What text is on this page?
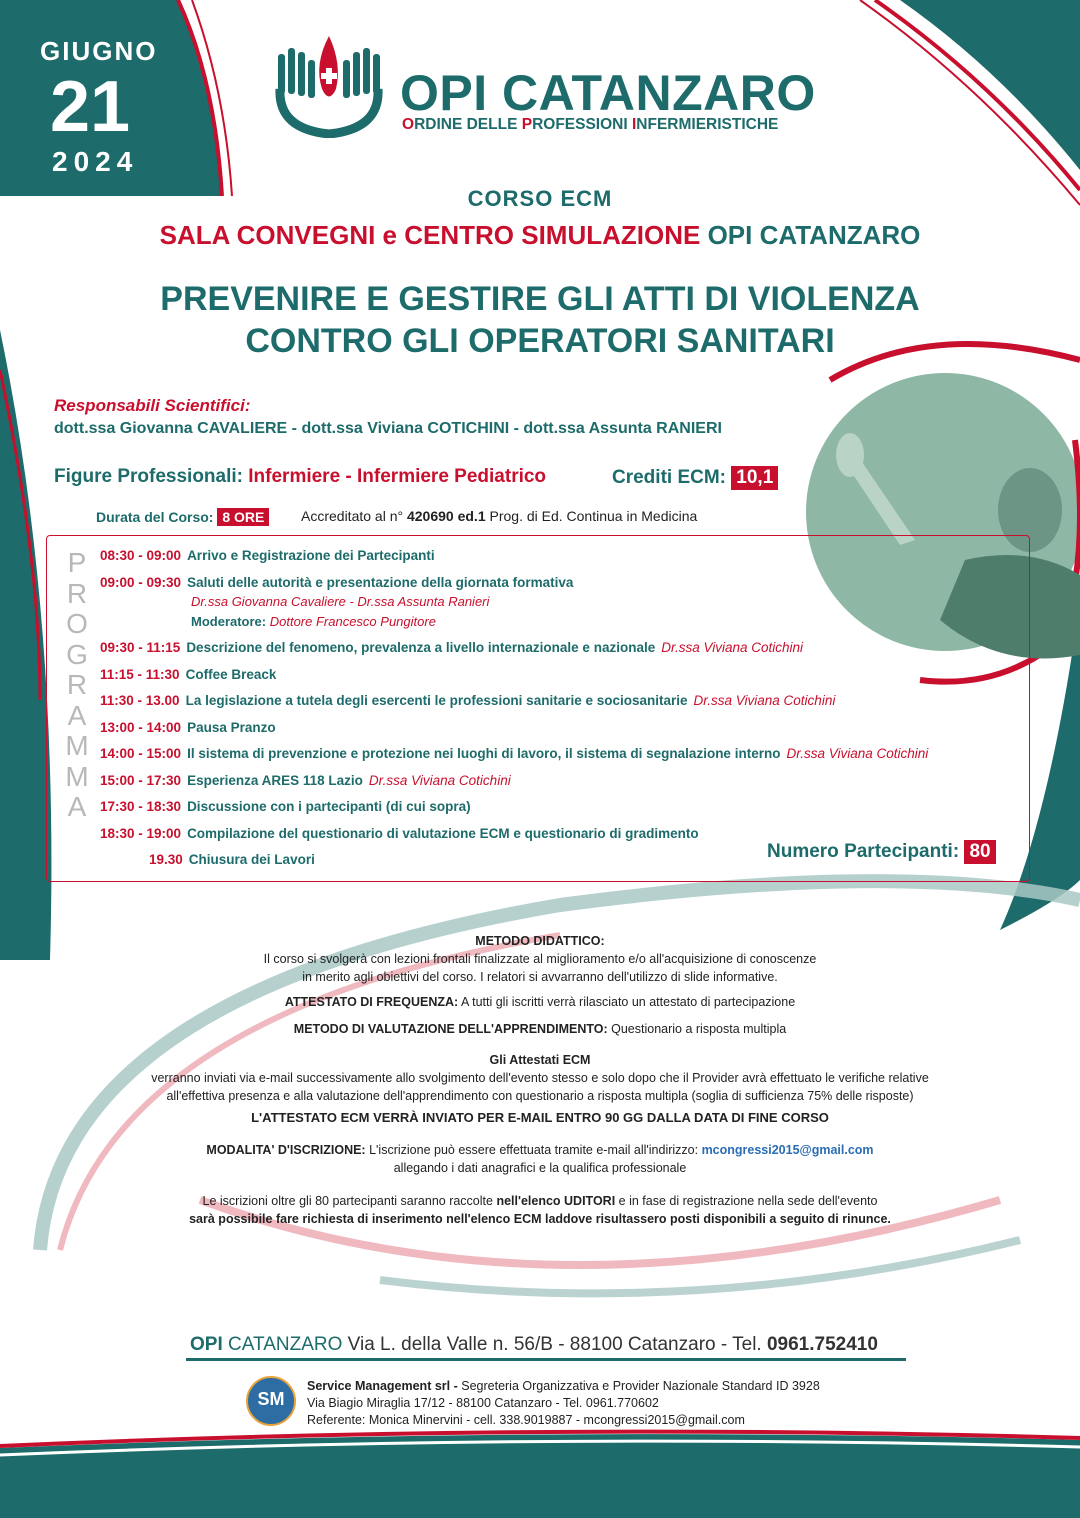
GIUGNO
21
2024
OPI CATANZARO
ORDINE DELLE PROFESSIONI INFERMIERISTICHE
CORSO ECM
SALA CONVEGNI e CENTRO SIMULAZIONE OPI CATANZARO
PREVENIRE E GESTIRE GLI ATTI DI VIOLENZA
CONTRO GLI OPERATORI SANITARI
Responsabili Scientifici:
dott.ssa Giovanna CAVALIERE - dott.ssa Viviana COTICHINI - dott.ssa Assunta RANIERI
Figure Professionali: Infermiere - Infermiere Pediatrico	Crediti ECM: 10,1
Durata del Corso: 8 ORE	Accreditato al n° 420690 ed.1 Prog. di Ed. Continua in Medicina
P
R
O
G
R
A
M
M
A
08:30 - 09:00 Arrivo e Registrazione dei Partecipanti
09:00 - 09:30 Saluti delle autorità e presentazione della giornata formativa
09:30 - 11:15 Descrizione del fenomeno, prevalenza a livello internazionale e nazionale Dr.ssa Viviana Cotichini
11:15 - 11:30 Coffee Breack
11:30 - 13.00 La legislazione a tutela degli esercenti le professioni sanitarie e sociosanitarie Dr.ssa Viviana Cotichini
13:00 - 14:00 Pausa Pranzo
14:00 - 15:00 Il sistema di prevenzione e protezione nei luoghi di lavoro, il sistema di segnalazione interno Dr.ssa Viviana Cotichini
15:00 - 17:30 Esperienza ARES 118 Lazio Dr.ssa Viviana Cotichini
17:30 - 18:30 Discussione con i partecipanti (di cui sopra)
18:30 - 19:00 Compilazione del questionario di valutazione ECM e questionario di gradimento
19.30 Chiusura dei Lavori
Dr.ssa Giovanna Cavaliere - Dr.ssa Assunta Ranieri
Moderatore: Dottore Francesco Pungitore
Numero Partecipanti: 80
METODO DIDATTICO:
Il corso si svolgerà con lezioni frontali finalizzate al miglioramento e/o all'acquisizione di conoscenze
in merito agli obiettivi del corso. I relatori si avvarranno dell'utilizzo di slide informative.
ATTESTATO DI FREQUENZA: A tutti gli iscritti verrà rilasciato un attestato di partecipazione
METODO DI VALUTAZIONE DELL'APPRENDIMENTO: Questionario a risposta multipla
Gli Attestati ECM
verranno inviati via e-mail successivamente allo svolgimento dell'evento stesso e solo dopo che il Provider avrà effettuato le verifiche relative
all'effettiva presenza e alla valutazione dell'apprendimento con questionario a risposta multipla (soglia di sufficienza 75% delle risposte)
L'ATTESTATO ECM VERRÀ INVIATO PER E-MAIL ENTRO 90 GG DALLA DATA DI FINE CORSO
MODALITA' D'ISCRIZIONE: L'iscrizione può essere effettuata tramite e-mail all'indirizzo: mcongressi2015@gmail.com
allegando i dati anagrafici e la qualifica professionale
Le iscrizioni oltre gli 80 partecipanti saranno raccolte nell'elenco UDITORI e in fase di registrazione nella sede dell'evento
sarà possibile fare richiesta di inserimento nell'elenco ECM laddove risultassero posti disponibili a seguito di rinunce.
OPI CATANZARO Via L. della Valle n. 56/B - 88100 Catanzaro - Tel. 0961.752410
SM
Service Management srl - Segreteria Organizzativa e Provider Nazionale Standard ID 3928
Via Biagio Miraglia 17/12 - 88100 Catanzaro - Tel. 0961.770602
Referente: Monica Minervini - cell. 338.9019887 - mcongressi2015@gmail.com
